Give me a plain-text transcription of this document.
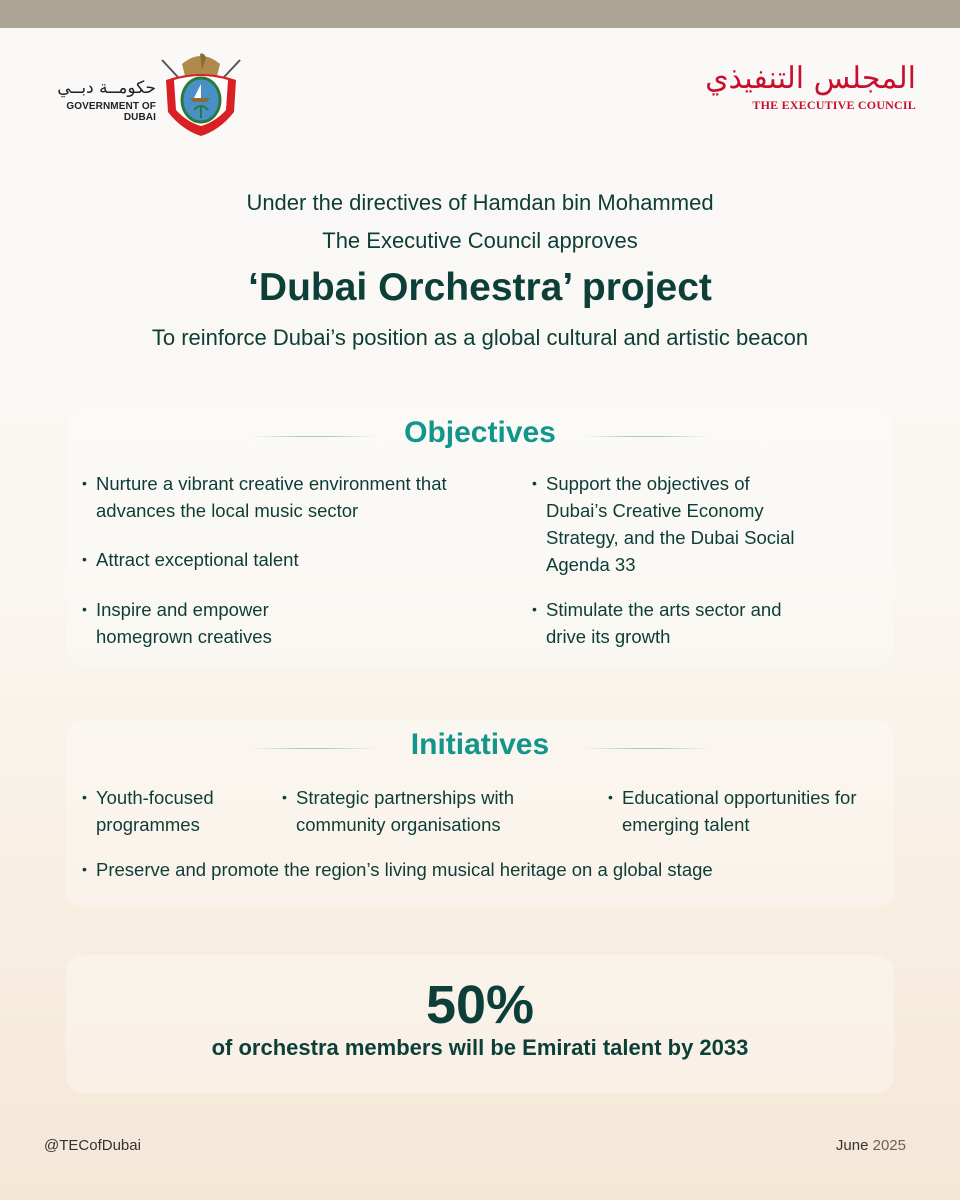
حكومــة دبــي
GOVERNMENT OF DUBAI
المجلس التنفيذي
THE EXECUTIVE COUNCIL
Under the directives of Hamdan bin Mohammed
The Executive Council approves
‘Dubai Orchestra’ project
To reinforce Dubai’s position as a global cultural and artistic beacon
Objectives
• Nurture a vibrant creative environment that advances the local music sector
• Attract exceptional talent
• Inspire and empower homegrown creatives
• Support the objectives of Dubai’s Creative Economy Strategy, and the Dubai Social Agenda 33
• Stimulate the arts sector and drive its growth
Initiatives
• Youth-focused programmes
• Strategic partnerships with community organisations
• Educational opportunities for emerging talent
• Preserve and promote the region’s living musical heritage on a global stage
50%
of orchestra members will be Emirati talent by 2033
@TECofDubai	June 2025
